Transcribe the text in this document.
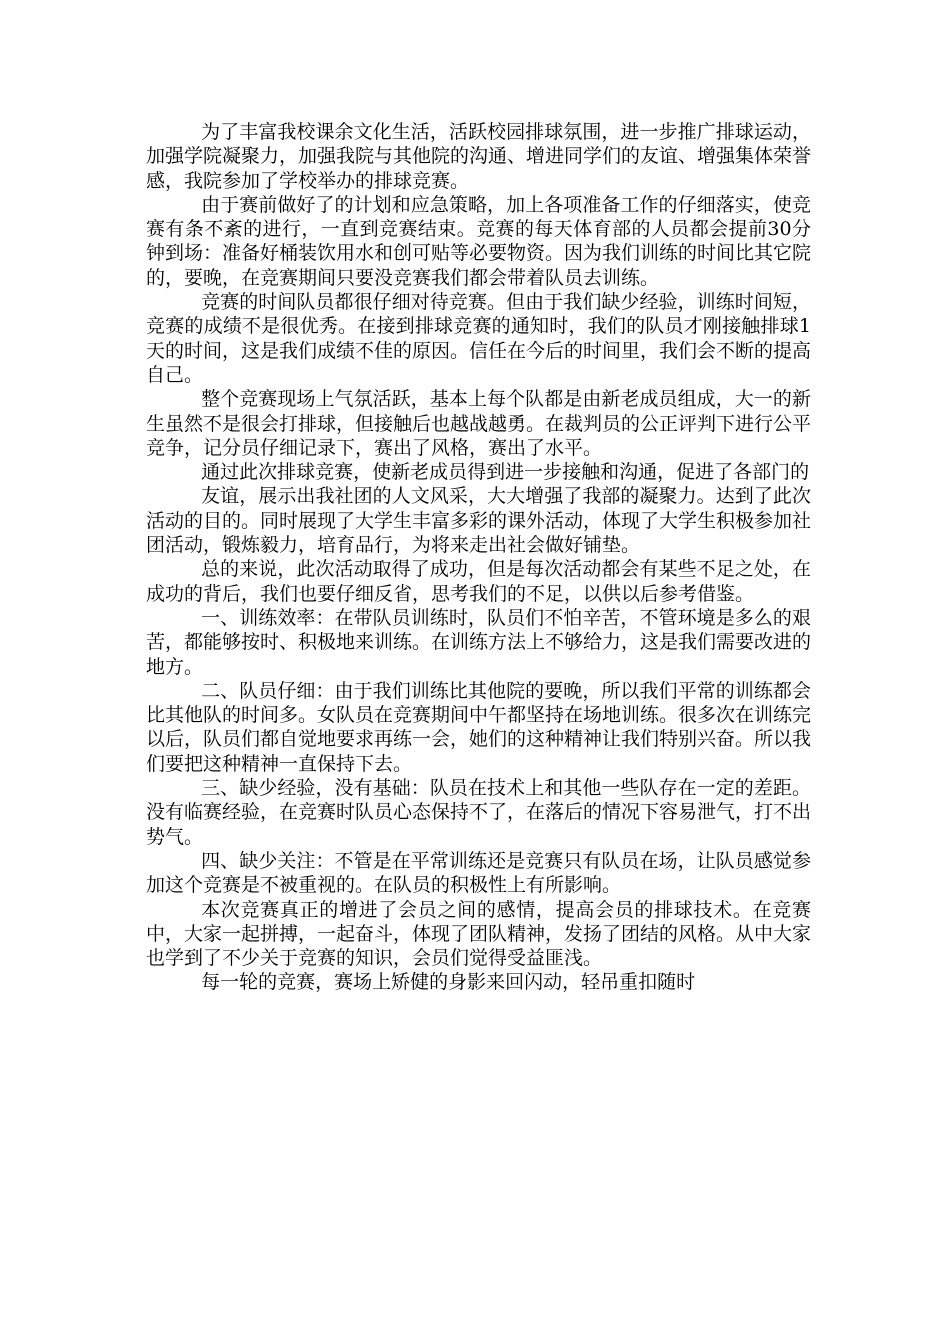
为了丰富我校课余文化生活，活跃校园排球氛围，进一步推广排球运动，加强学院凝聚力，加强我院与其他院的沟通、增进同学们的友谊、增强集体荣誉感，我院参加了学校举办的排球竞赛。

由于赛前做好了的计划和应急策略，加上各项准备工作的仔细落实，使竞赛有条不紊的进行，一直到竞赛结束。竞赛的每天体育部的人员都会提前30分钟到场：准备好桶装饮用水和创可贴等必要物资。因为我们训练的时间比其它院的，要晚，在竞赛期间只要没竞赛我们都会带着队员去训练。

竞赛的时间队员都很仔细对待竞赛。但由于我们缺少经验，训练时间短，竞赛的成绩不是很优秀。在接到排球竞赛的通知时，我们的队员才刚接触排球1天的时间，这是我们成绩不佳的原因。信任在今后的时间里，我们会不断的提高自己。

整个竞赛现场上气氛活跃，基本上每个队都是由新老成员组成，大一的新生虽然不是很会打排球，但接触后也越战越勇。在裁判员的公正评判下进行公平竞争，记分员仔细记录下，赛出了风格，赛出了水平。

通过此次排球竞赛，使新老成员得到进一步接触和沟通，促进了各部门的

友谊，展示出我社团的人文风采，大大增强了我部的凝聚力。达到了此次活动的目的。同时展现了大学生丰富多彩的课外活动，体现了大学生积极参加社团活动，锻炼毅力，培育品行，为将来走出社会做好铺垫。

总的来说，此次活动取得了成功，但是每次活动都会有某些不足之处，在成功的背后，我们也要仔细反省，思考我们的不足，以供以后参考借鉴。

一、训练效率：在带队员训练时，队员们不怕辛苦，不管环境是多么的艰苦，都能够按时、积极地来训练。在训练方法上不够给力，这是我们需要改进的地方。

二、队员仔细：由于我们训练比其他院的要晚，所以我们平常的训练都会比其他队的时间多。女队员在竞赛期间中午都坚持在场地训练。很多次在训练完以后，队员们都自觉地要求再练一会，她们的这种精神让我们特别兴奋。所以我们要把这种精神一直保持下去。

三、缺少经验，没有基础：队员在技术上和其他一些队存在一定的差距。没有临赛经验，在竞赛时队员心态保持不了，在落后的情况下容易泄气，打不出势气。

四、缺少关注：不管是在平常训练还是竞赛只有队员在场，让队员感觉参加这个竞赛是不被重视的。在队员的积极性上有所影响。

本次竞赛真正的增进了会员之间的感情，提高会员的排球技术。在竞赛中，大家一起拼搏，一起奋斗，体现了团队精神，发扬了团结的风格。从中大家也学到了不少关于竞赛的知识，会员们觉得受益匪浅。

每一轮的竞赛，赛场上矫健的身影来回闪动，轻吊重扣随时
